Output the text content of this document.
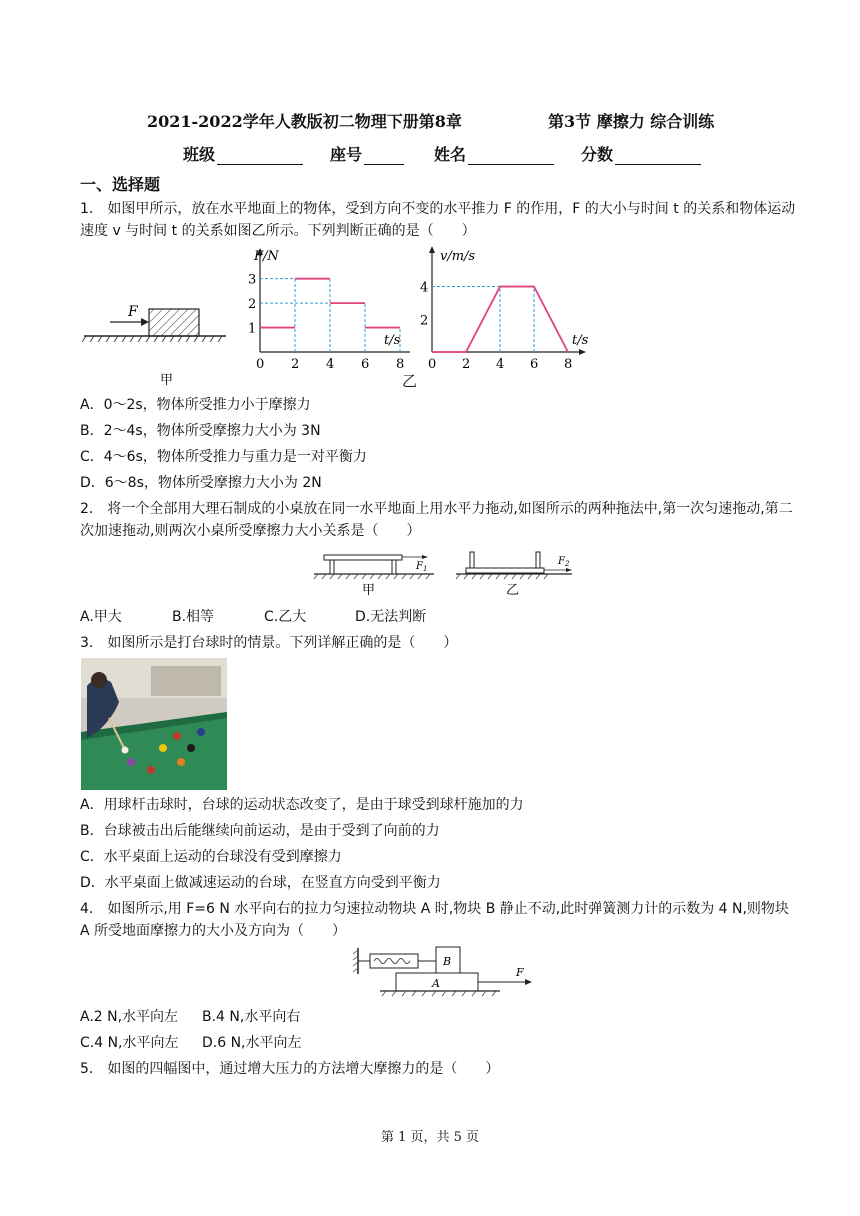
2021-2022学年人教版初二物理下册第8章	第3节 摩擦力 综合训练
班级	座号	姓名	分数
一、选择题
1． 如图甲所示，放在水平地面上的物体，受到方向不变的水平推力 F 的作用，F 的大小与时间 t 的关系和物体运动速度 v 与时间 t 的关系如图乙所示。下列判断正确的是（　　）
F
甲
0 2 4 6 8
1
2
3
F/N
t/s
0 2 4 6 8
2
4
v/m/s
t/s
乙
A．0～2s，物体所受推力小于摩擦力
B．2～4s，物体所受摩擦力大小为 3N
C．4～6s，物体所受推力与重力是一对平衡力
D．6～8s，物体所受摩擦力大小为 2N
2． 将一个全部用大理石制成的小桌放在同一水平地面上用水平力拖动,如图所示的两种拖法中,第一次匀速拖动,第二次加速拖动,则两次小桌所受摩擦力大小关系是（　　）
$F_1$
甲
$F_2$
乙
A.甲大	B.相等	C.乙大	D.无法判断
3． 如图所示是打台球时的情景。下列详解正确的是（　　）
A．用球杆击球时，台球的运动状态改变了，是由于球受到球杆施加的力
B．台球被击出后能继续向前运动，是由于受到了向前的力
C．水平桌面上运动的台球没有受到摩擦力
D．水平桌面上做减速运动的台球，在竖直方向受到平衡力
4． 如图所示,用 F=6 N 水平向右的拉力匀速拉动物块 A 时,物块 B 静止不动,此时弹簧测力计的示数为 4 N,则物块 A 所受地面摩擦力的大小及方向为（　　）
B
A
F
A.2 N,水平向左 B.4 N,水平向右
C.4 N,水平向左 D.6 N,水平向左
5． 如图的四幅图中，通过增大压力的方法增大摩擦力的是（　　）
第 1 页，共 5 页
